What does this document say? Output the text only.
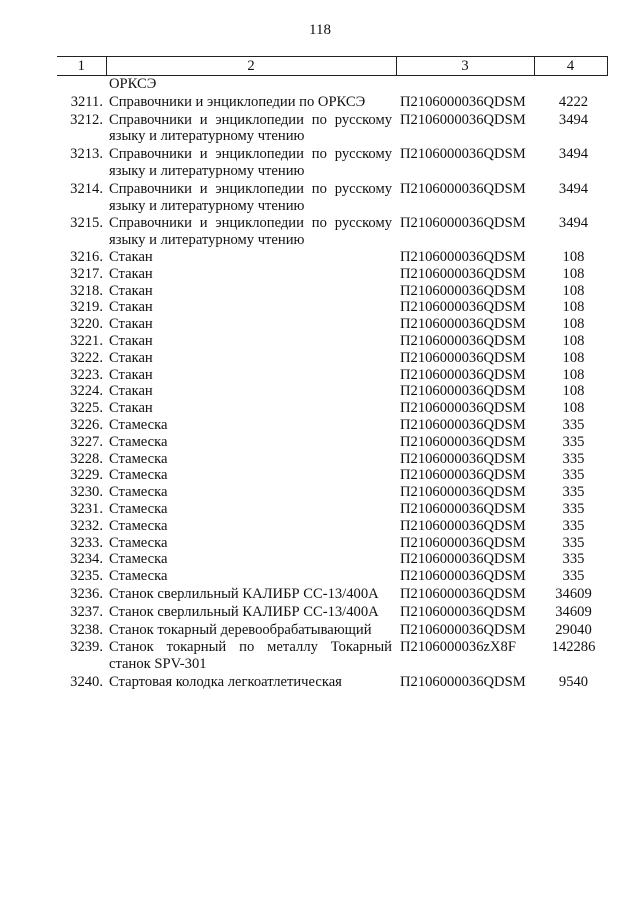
118
1	2	3	4
	ОРКСЭ		
3211.	Справочники и энциклопедии по ОРКСЭ	П2106000036QDSM	4222
3212.	Справочники и энциклопедии по русскому языку и литературному чтению	П2106000036QDSM	3494
3213.	Справочники и энциклопедии по русскому языку и литературному чтению	П2106000036QDSM	3494
3214.	Справочники и энциклопедии по русскому языку и литературному чтению	П2106000036QDSM	3494
3215.	Справочники и энциклопедии по русскому языку и литературному чтению	П2106000036QDSM	3494
3216.	Стакан	П2106000036QDSM	108
3217.	Стакан	П2106000036QDSM	108
3218.	Стакан	П2106000036QDSM	108
3219.	Стакан	П2106000036QDSM	108
3220.	Стакан	П2106000036QDSM	108
3221.	Стакан	П2106000036QDSM	108
3222.	Стакан	П2106000036QDSM	108
3223.	Стакан	П2106000036QDSM	108
3224.	Стакан	П2106000036QDSM	108
3225.	Стакан	П2106000036QDSM	108
3226.	Стамеска	П2106000036QDSM	335
3227.	Стамеска	П2106000036QDSM	335
3228.	Стамеска	П2106000036QDSM	335
3229.	Стамеска	П2106000036QDSM	335
3230.	Стамеска	П2106000036QDSM	335
3231.	Стамеска	П2106000036QDSM	335
3232.	Стамеска	П2106000036QDSM	335
3233.	Стамеска	П2106000036QDSM	335
3234.	Стамеска	П2106000036QDSM	335
3235.	Стамеска	П2106000036QDSM	335
3236.	Станок сверлильный КАЛИБР СС-13/400А	П2106000036QDSM	34609
3237.	Станок сверлильный КАЛИБР СС-13/400А	П2106000036QDSM	34609
3238.	Станок токарный деревообрабатывающий	П2106000036QDSM	29040
3239.	Станок токарный по металлу Токарный станок SPV-301	П2106000036zX8F	142286
3240.	Стартовая колодка легкоатлетическая	П2106000036QDSM	9540
